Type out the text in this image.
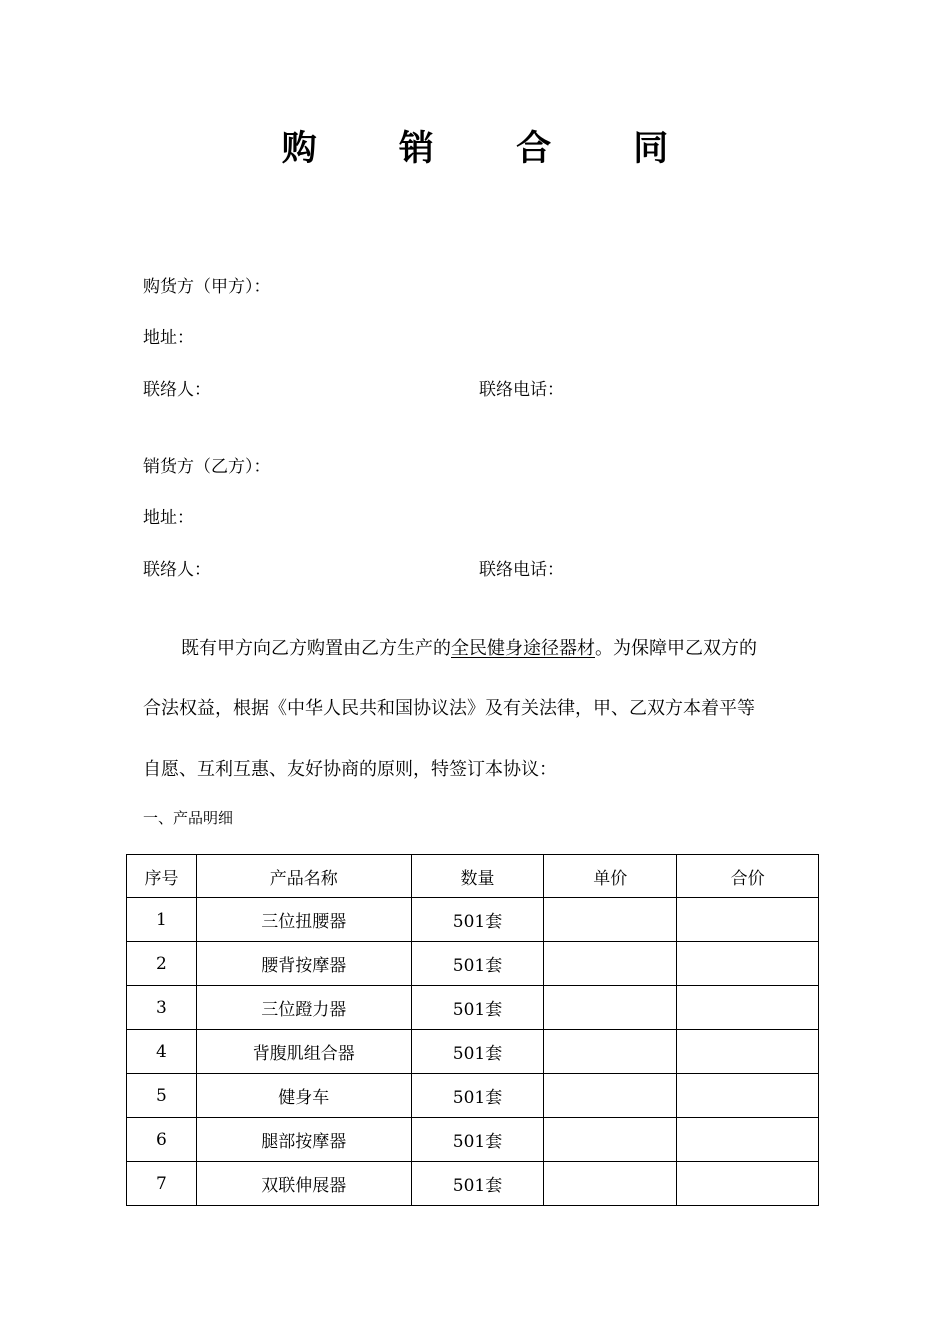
购 销 合 同
购货方（甲方）：
地址：
联络人：	联络电话：
销货方（乙方）：
地址：
联络人：	联络电话：
既有甲方向乙方购置由乙方生产的全民健身途径器材。为保障甲乙双方的
合法权益，根据《中华人民共和国协议法》及有关法律，甲、乙双方本着平等
自愿、互利互惠、友好协商的原则，特签订本协议：
一、产品明细
序号	产品名称	数量	单价	合价
1	三位扭腰器	501套		
2	腰背按摩器	501套		
3	三位蹬力器	501套		
4	背腹肌组合器	501套		
5	健身车	501套		
6	腿部按摩器	501套		
7	双联伸展器	501套		
